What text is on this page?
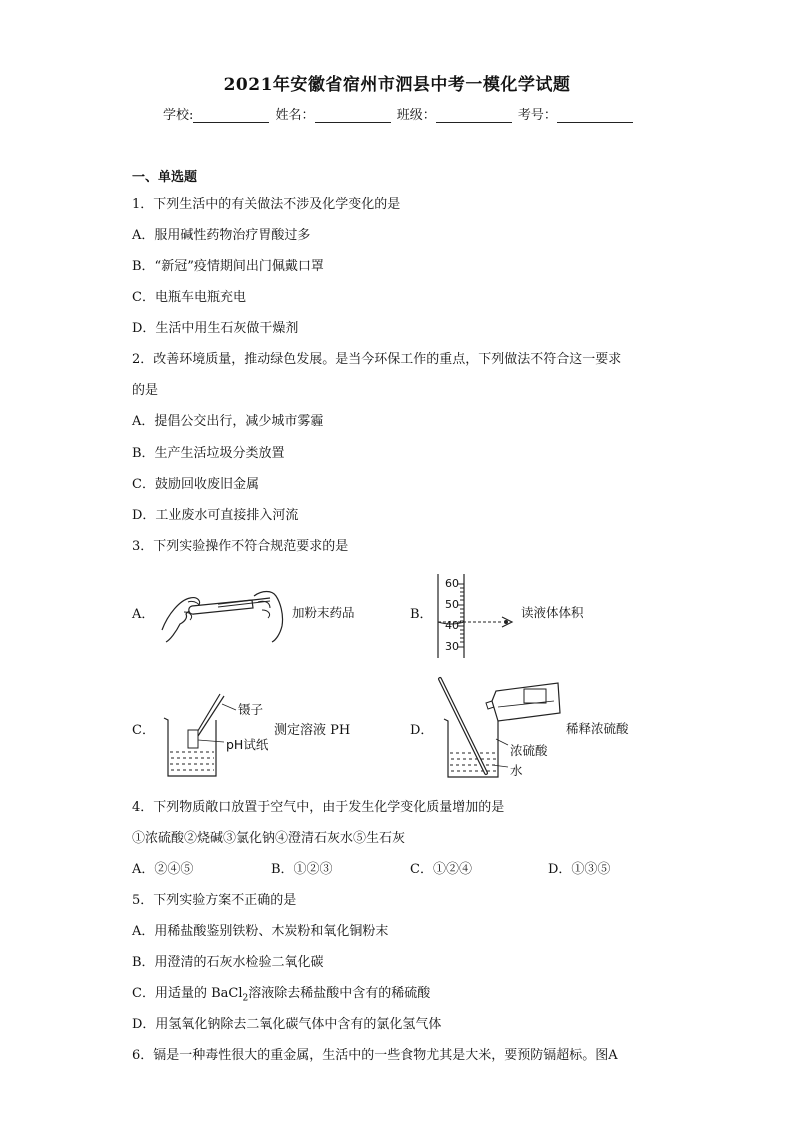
2021年安徽省宿州市泗县中考一模化学试题
学校:	姓名：	班级：	考号：
一、单选题
1．下列生活中的有关做法不涉及化学变化的是
A．服用碱性药物治疗胃酸过多
B．“新冠”疫情期间出门佩戴口罩
C．电瓶车电瓶充电
D．生活中用生石灰做干燥剂
2．改善环境质量，推动绿色发展。是当今环保工作的重点，下列做法不符合这一要求
的是
A．提倡公交出行，减少城市雾霾
B．生产生活垃圾分类放置
C．鼓励回收废旧金属
D．工业废水可直接排入河流
3．下列实验操作不符合规范要求的是
A．	加粉末药品	B．
60
50
40
30
读液体体积
C．
镊子
pH试纸
测定溶液 PH	D．	稀释浓硫酸
浓硫酸
水
4．下列物质敞口放置于空气中，由于发生化学变化质量增加的是
①浓硫酸②烧碱③氯化钠④澄清石灰水⑤生石灰
A．②④⑤	B．①②③	C．①②④	D．①③⑤
5．下列实验方案不正确的是
A．用稀盐酸鉴别铁粉、木炭粉和氧化铜粉末
B．用澄清的石灰水检验二氧化碳
C．用适量的 BaCl$_2$溶液除去稀盐酸中含有的稀硫酸
D．用氢氧化钠除去二氧化碳气体中含有的氯化氢气体
6．镉是一种毒性很大的重金属，生活中的一些食物尤其是大米，要预防镉超标。图A
